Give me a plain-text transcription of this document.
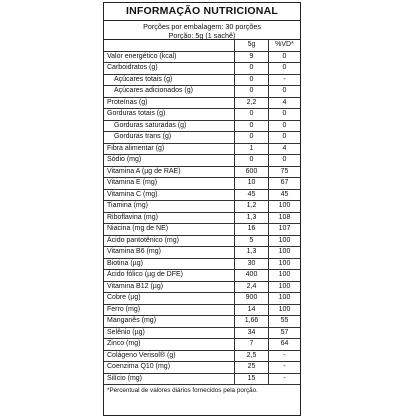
INFORMAÇÃO NUTRICIONAL
Porções por embalagem: 30 porções
Porção: 5g (1 sachê)
	5g	%VD*
Valor energético (kcal)	9	0
Carboidratos (g)	0	0
Açúcares totais (g)	0	-
Açúcares adicionados (g)	0	0
Proteínas (g)	2,2	4
Gorduras totais (g)	0	0
Gorduras saturadas (g)	0	0
Gorduras trans (g)	0	0
Fibra alimentar (g)	1	4
Sódio (mg)	0	0
Vitamina A (µg de RAE)	600	75
Vitamina E (mg)	10	67
Vitamina C (mg)	45	45
Tiamina (mg)	1,2	100
Riboflavina (mg)	1,3	108
Niacina (mg de NE)	16	107
Ácido pantotênico (mg)	5	100
Vitamina B6 (mg)	1,3	100
Biotina (µg)	30	100
Ácido fólico (µg de DFE)	400	100
Vitamina B12 (µg)	2,4	100
Cobre (µg)	900	100
Ferro (mg)	14	100
Manganês (mg)	1,66	55
Selênio (µg)	34	57
Zinco (mg)	7	64
Colágeno Verisol® (g)	2,5	-
Coenzima Q10 (mg)	25	-
Silício (mg)	15	-
*Percentual de valores diários fornecidos pela porção.
